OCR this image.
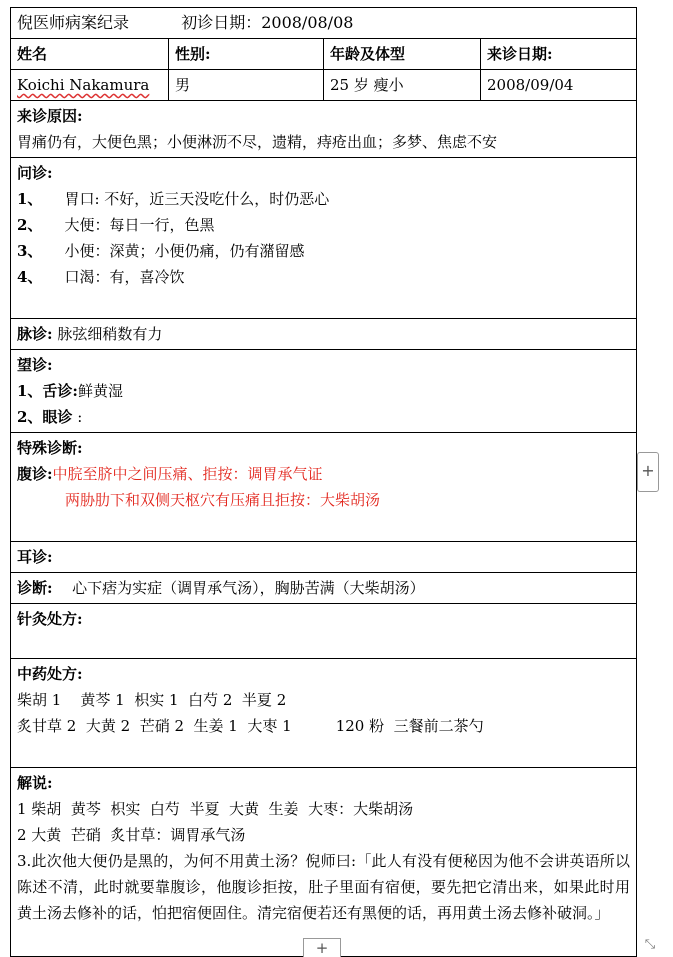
倪医师病案纪录 初诊日期：2008/08/08			
姓名	性别:	年龄及体型	来诊日期:
Koichi Nakamura	男	25 岁 瘦小	2008/09/04

来诊原因:
胃痛仍有，大便色黑；小便淋沥不尽，遗精，痔疮出血；多梦、焦虑不安			

问诊:
1、 胃口: 不好，近三天没吃什么，时仍恶心
2、 大便：每日一行，色黑
3、 小便：深黄；小便仍痛，仍有潴留感
4、 口渴：有，喜冷饮			

脉诊: 脉弦细稍数有力			

望诊:
1、舌诊:鲜黄湿
2、眼诊 :			

特殊诊断:
腹诊:中脘至脐中之间压痛、拒按：调胃承气证
两胁肋下和双侧天枢穴有压痛且拒按：大柴胡汤			

耳诊:			
诊断: 心下痞为实症（调胃承气汤），胸胁苦满（大柴胡汤）			
针灸处方:			

中药处方:
柴胡 1    黄芩 1  枳实 1  白芍 2  半夏 2
炙甘草 2  大黄 2  芒硝 2  生姜 1  大枣 1 120 粉  三餐前二茶勺			

解说:
1 柴胡  黄芩  枳实  白芍  半夏  大黄  生姜  大枣：大柴胡汤
2 大黄  芒硝  炙甘草：调胃承气汤
3.此次他大便仍是黑的，为何不用黄土汤？倪师曰:「此人有没有便秘因为他不会讲英语所以陈述不清，此时就要靠腹诊，他腹诊拒按，肚子里面有宿便，要先把它清出来，如果此时用黄土汤去修补的话，怕把宿便固住。清完宿便若还有黑便的话，再用黄土汤去修补破洞。」			
+
+	⤡
